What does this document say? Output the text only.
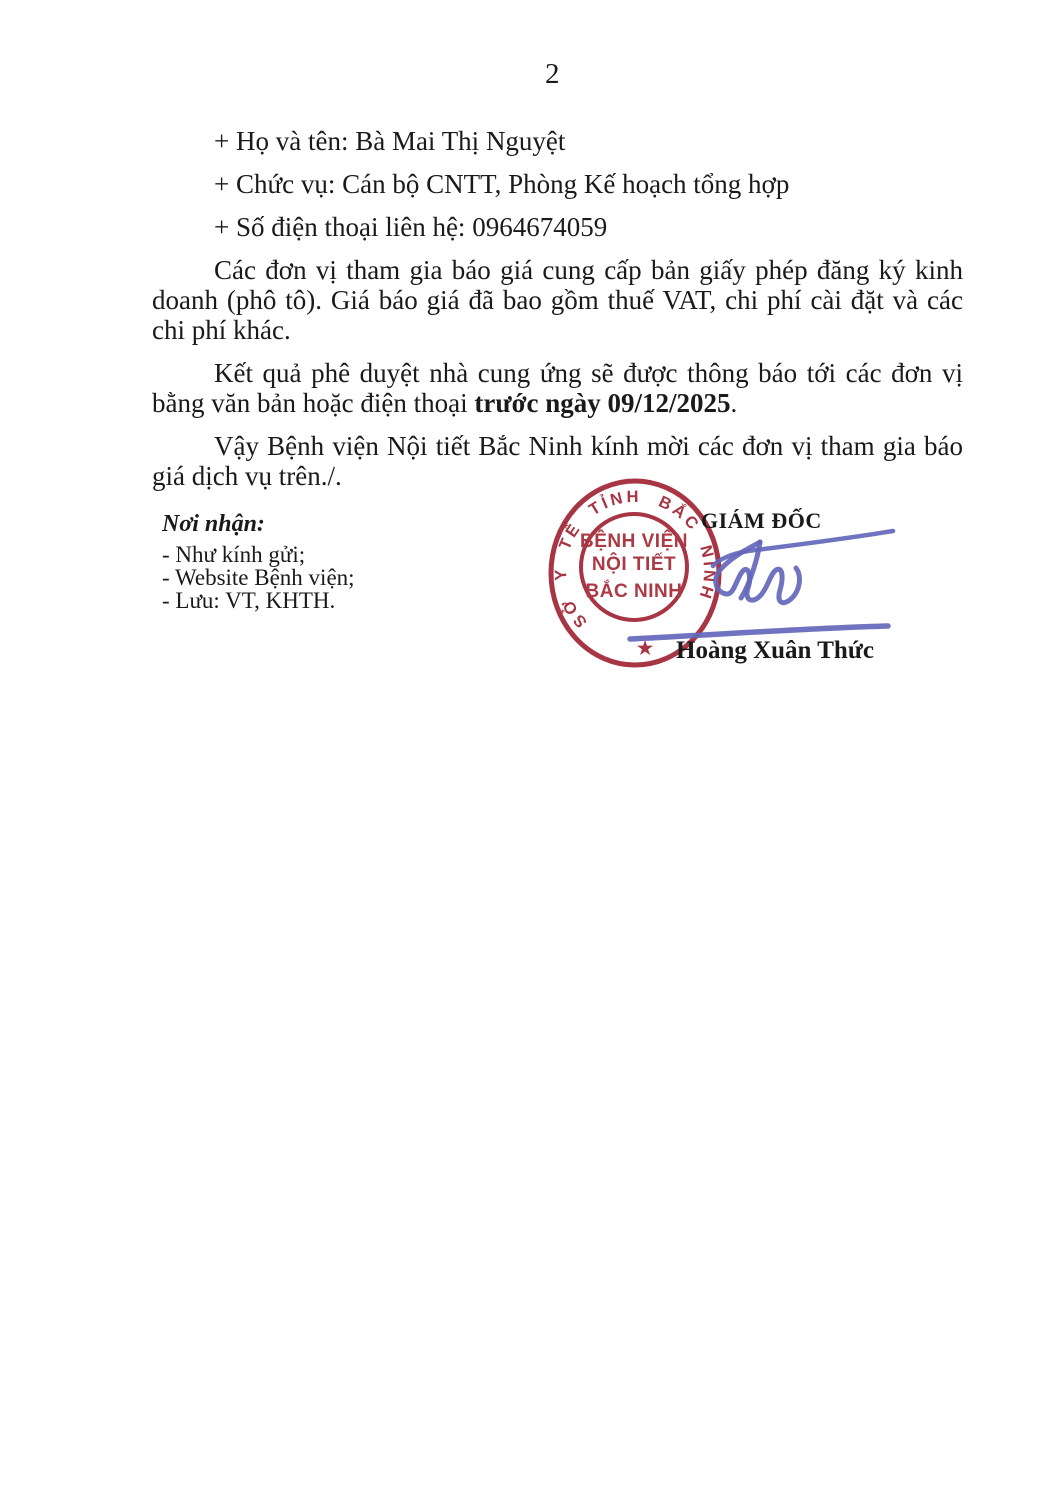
2

+ Họ và tên: Bà Mai Thị Nguyệt

+ Chức vụ: Cán bộ CNTT, Phòng Kế hoạch tổng hợp

+ Số điện thoại liên hệ: 0964674059

Các đơn vị tham gia báo giá cung cấp bản giấy phép đăng ký kinh doanh (phô tô). Giá báo giá đã bao gồm thuế VAT, chi phí cài đặt và các chi phí khác.

Kết quả phê duyệt nhà cung ứng sẽ được thông báo tới các đơn vị bằng văn bản hoặc điện thoại trước ngày 09/12/2025.

Vậy Bệnh viện Nội tiết Bắc Ninh kính mời các đơn vị tham gia báo giá dịch vụ trên./.

Nơi nhận:
- Như kính gửi;
- Website Bệnh viện;
- Lưu: VT, KHTH.
SỞ Y TẾ TỈNH BẮC NINH
BỆNH VIỆN
NỘI TIẾT
BẮC NINH
★
GIÁM ĐỐC
Hoàng Xuân Thức
